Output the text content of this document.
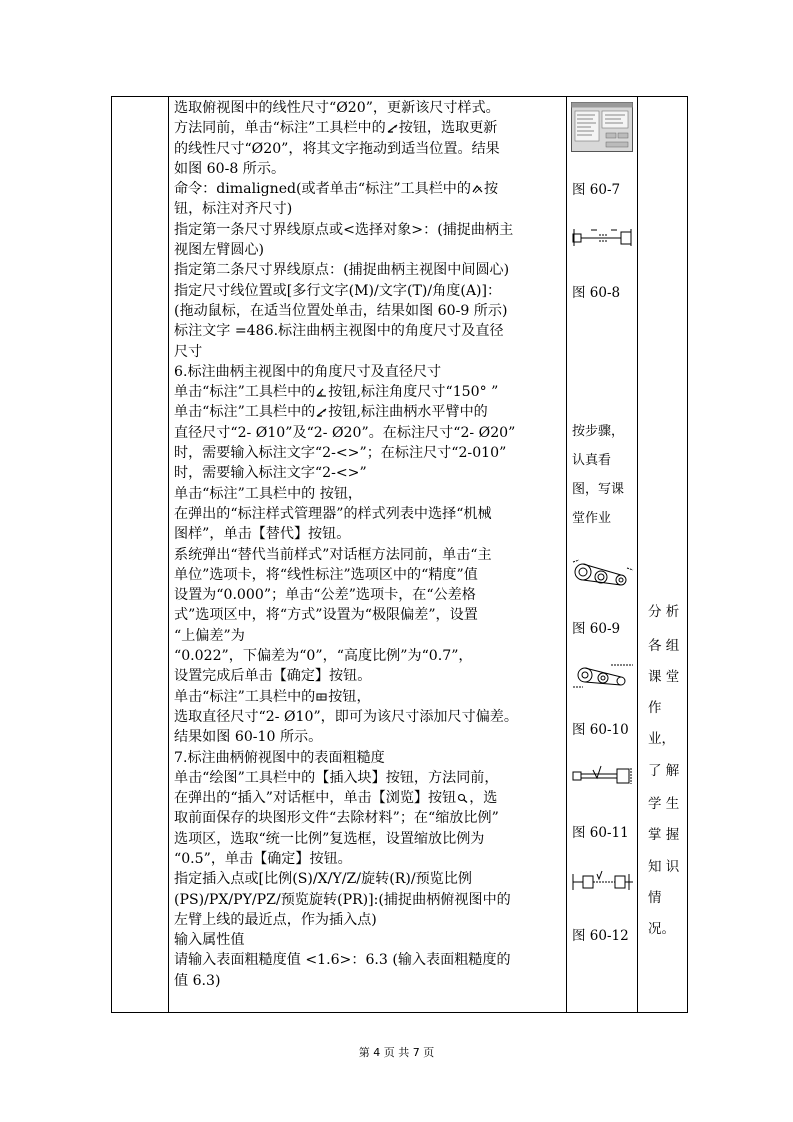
选取俯视图中的线性尺寸“Ø20”，更新该尺寸样式。

方法同前，单击“标注”工具栏中的 按钮，选取更新

的线性尺寸“Ø20”，将其文字拖动到适当位置。结果

如图 60-8 所示。

命令：dimaligned(或者单击“标注”工具栏中的 按

钮，标注对齐尺寸)

指定第一条尺寸界线原点或<选择对象>：(捕捉曲柄主

视图左臂圆心)

指定第二条尺寸界线原点：(捕捉曲柄主视图中间圆心)

指定尺寸线位置或[多行文字(M)/文字(T)/角度(A)]：

(拖动鼠标，在适当位置处单击，结果如图 60-9 所示)

标注文字 =486.标注曲柄主视图中的角度尺寸及直径

尺寸

6.标注曲柄主视图中的角度尺寸及直径尺寸

单击“标注”工具栏中的 按钮,标注角度尺寸“150° ”

单击“标注”工具栏中的 按钮,标注曲柄水平臂中的

直径尺寸“2- Ø10”及“2- Ø20”。在标注尺寸“2- Ø20”

时，需要输入标注文字“2-<>”；在标注尺寸“2-010”

时，需要输入标注文字“2-<>”

单击“标注”工具栏中的 按钮，

在弹出的“标注样式管理器”的样式列表中选择“机械

图样”，单击【替代】按钮。

系统弹出“替代当前样式”对话框方法同前，单击“主

单位”选项卡，将“线性标注”选项区中的“精度”值

设置为“0.000”；单击“公差”选项卡，在“公差格

式”选项区中，将“方式”设置为“极限偏差”，设置

“上偏差”为

“0.022”，下偏差为“0”，“高度比例”为“0.7”，

设置完成后单击【确定】按钮。

单击“标注”工具栏中的 按钮，

选取直径尺寸“2- Ø10”，即可为该尺寸添加尺寸偏差。

结果如图 60-10 所示。

7.标注曲柄俯视图中的表面粗糙度

单击“绘图”工具栏中的【插入块】按钮，方法同前，

在弹出的“插入”对话框中，单击【浏览】按钮 ，选

取前面保存的块图形文件“去除材料”；在“缩放比例”

选项区，选取“统一比例”复选框，设置缩放比例为

“0.5”，单击【确定】按钮。

指定插入点或[比例(S)/X/Y/Z/旋转(R)/预览比例

(PS)/PX/PY/PZ/预览旋转(PR)]:(捕捉曲柄俯视图中的

左臂上线的最近点，作为插入点)

输入属性值

请输入表面粗糙度值 <1.6>：6.3 (输入表面粗糙度的

值 6.3)

图 60-7
图 60-8
按步骤，
认真看
图，写课
堂作业
图 60-9
图 60-10
图 60-11
图 60-12
分 析
各 组
课 堂
作
业，
了 解
学 生
掌 握
知 识
情
况。
第 4 页 共 7 页
